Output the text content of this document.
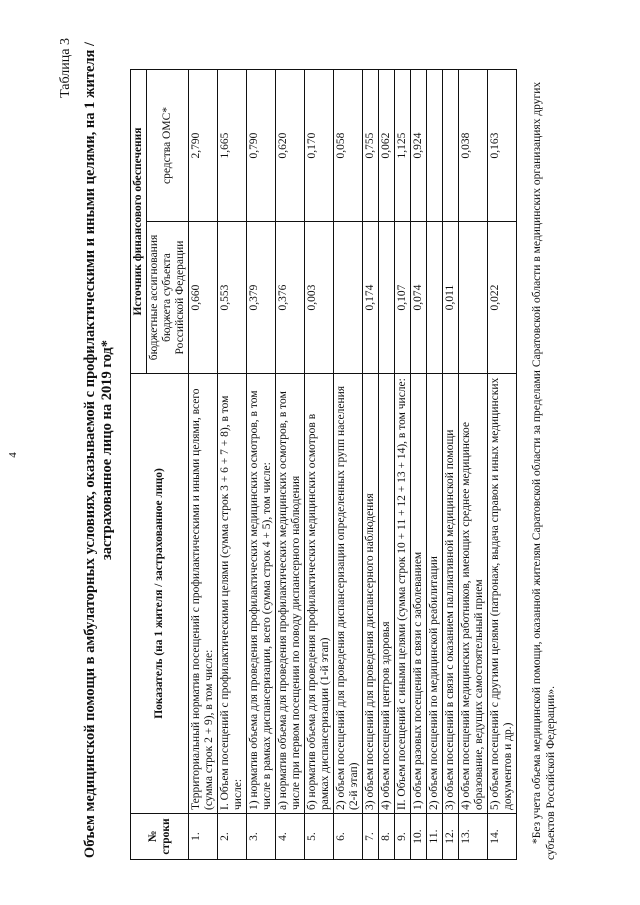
4
Таблица 3 Объем медицинской помощи в амбулаторных условиях, оказываемой с профилактическими и иными целями, на 1 жителя / застрахованное лицо на 2019 год*
№ строки	Показатель (на 1 жителя / застрахованное лицо)	Источник финансового обеспечения	
		бюджетные ассигнования бюджета субъекта Российской Федерации	средства ОМС*
1.	Территориальный норматив посещений с профилактическими и иными целями, всего (сумма строк 2 + 9), в том числе:	0,660	2,790
2.	I. Объем посещений с профилактическими целями (сумма строк 3 + 6 + 7 + 8), в том числе:	0,553	1,665
3.	1) норматив объема для проведения профилактических медицинских осмотров, в том числе в рамках диспансеризации, всего (сумма строк 4 + 5), том числе:	0,379	0,790
4.	а) норматив объема для проведения профилактических медицинских осмотров, в том числе при первом посещении по поводу диспансерного наблюдения	0,376	0,620
5.	б) норматив объема для проведения профилактических медицинских осмотров в рамках диспансеризации (1-й этап)	0,003	0,170
6.	2) объем посещений для проведения диспансеризации определенных групп населения (2-й этап)		0,058
7.	3) объем посещений для проведения диспансерного наблюдения	0,174	0,755
8.	4) объем посещений центров здоровья		0,062
9.	II. Объем посещений с иными целями (сумма строк 10 + 11 + 12 + 13 + 14), в том числе:	0,107	1,125
10.	1) объем разовых посещений в связи с заболеванием	0,074	0,924
11.	2) объем посещений по медицинской реабилитации		
12.	3) объем посещений в связи с оказанием паллиативной медицинской помощи	0,011	
13.	4) объем посещений медицинских работников, имеющих среднее медицинское образование, ведущих самостоятельный прием		0,038
14.	5) объем посещений с другими целями (патронаж, выдача справок и иных медицинских документов и др.)	0,022	0,163	*Без учета объема медицинской помощи, оказанной жителям Саратовской области за пределами Саратовской области в медицинских организациях других субъектов Российской Федерации».
